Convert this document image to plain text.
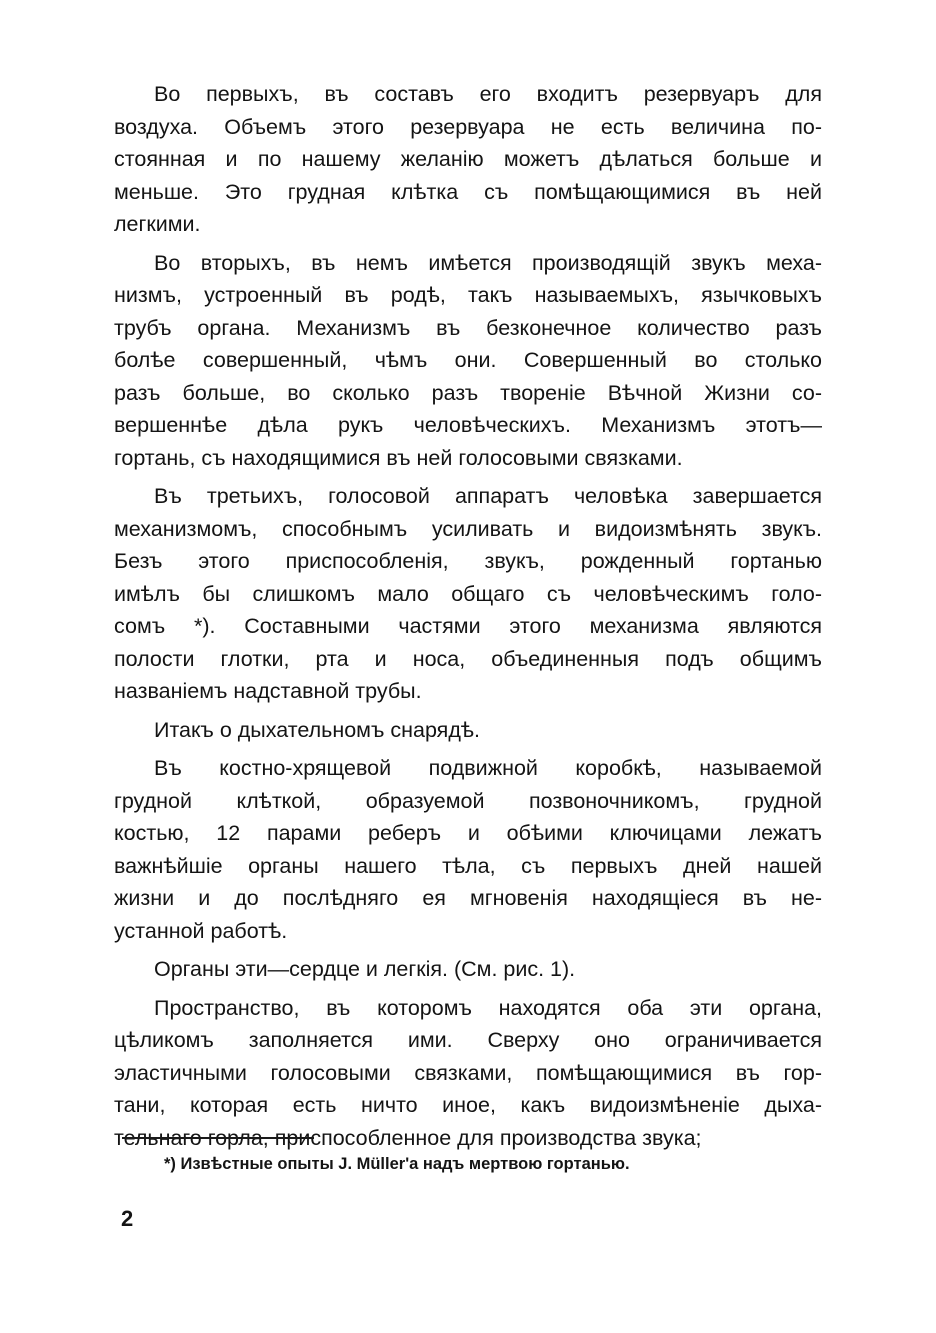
Во первыхъ, въ составъ его входитъ резервуаръ для
воздуха. Объемъ этого резервуара не есть величина по-
стоянная и по нашему желанію можетъ дѣлаться больше и
меньше. Это грудная клѣтка съ помѣщающимися въ ней
легкими.
Во вторыхъ, въ немъ имѣется производящій звукъ меха-
низмъ, устроенный въ родѣ, такъ называемыхъ, язычковыхъ
трубъ органа. Механизмъ въ безконечное количество разъ
болѣе совершенный, чѣмъ они. Совершенный во столько
разъ больше, во сколько разъ твореніе Вѣчной Жизни со-
вершеннѣе дѣла рукъ человѣческихъ. Механизмъ этотъ—
гортань, съ находящимися въ ней голосовыми связками.
Въ третьихъ, голосовой аппаратъ человѣка завершается
механизмомъ, способнымъ усиливать и видоизмѣнять звукъ.
Безъ этого приспособленія, звукъ, рожденный гортанью
имѣлъ бы слишкомъ мало общаго съ человѣческимъ голо-
сомъ *). Составными частями этого механизма являются
полости глотки, рта и носа, объединенныя подъ общимъ
названіемъ надставной трубы.
Итакъ о дыхательномъ снарядѣ.
Въ костно-хрящевой подвижной коробкѣ, называемой
грудной клѣткой, образуемой позвоночникомъ, грудной
костью, 12 парами реберъ и обѣими ключицами лежатъ
важнѣйшіе органы нашего тѣла, съ первыхъ дней нашей
жизни и до послѣдняго ея мгновенія находящіеся въ не-
устанной работѣ.
Органы эти—сердце и легкія. (См. рис. 1).
Пространство, въ которомъ находятся оба эти органа,
цѣликомъ заполняется ими. Сверху оно ограничивается
эластичными голосовыми связками, помѣщающимися въ гор-
тани, которая есть ничто иное, какъ видоизмѣненіе дыха-
тельнаго горла, приспособленное для производства звука;
*) Извѣстные опыты J. Müller'а надъ мертвою гортанью.
2
